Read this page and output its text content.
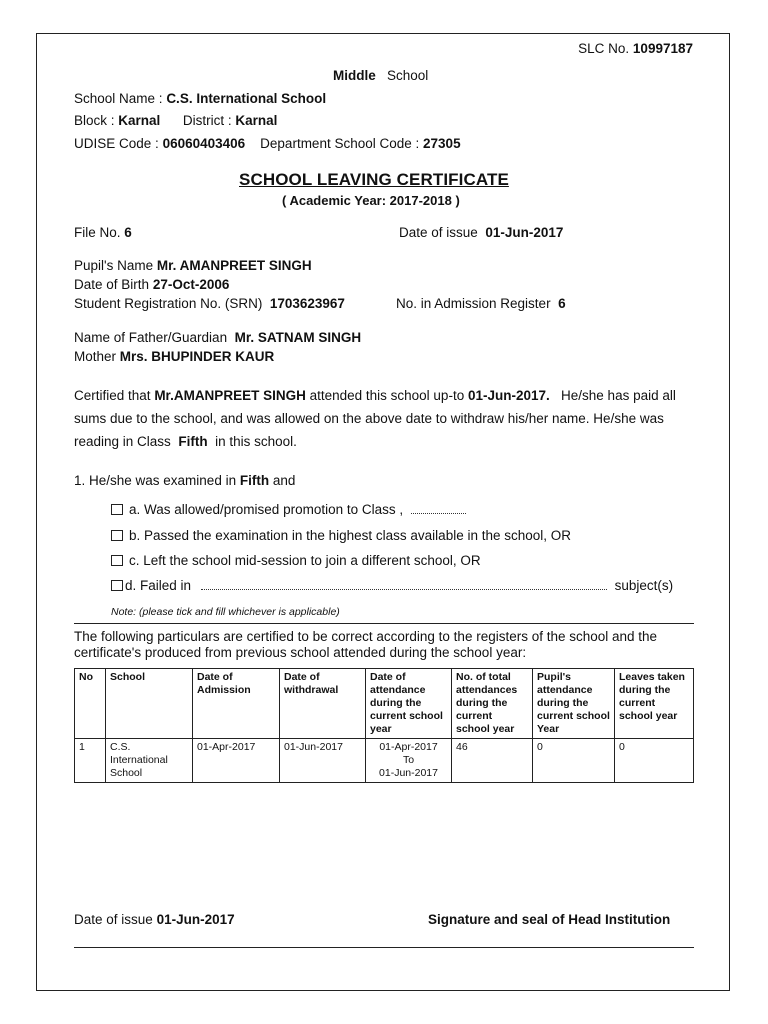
SLC No. 10997187
Middle School
School Name : C.S. International School
Block : Karnal District : Karnal
UDISE Code : 06060403406 Department School Code : 27305
SCHOOL LEAVING CERTIFICATE
( Academic Year: 2017-2018 )
File No. 6	Date of issue 01-Jun-2017
Pupil's Name Mr. AMANPREET SINGH
Date of Birth 27-Oct-2006
Student Registration No. (SRN) 1703623967	No. in Admission Register 6
Name of Father/Guardian Mr. SATNAM SINGH
Mother Mrs. BHUPINDER KAUR
Certified that Mr.AMANPREET SINGH attended this school up-to 01-Jun-2017. He/she has paid all sums due to the school, and was allowed on the above date to withdraw his/her name. He/she was reading in Class Fifth in this school.
1. He/she was examined in Fifth and
a. Was allowed/promised promotion to Class ,
b. Passed the examination in the highest class available in the school, OR
c. Left the school mid-session to join a different school, OR
d. Failed in	subject(s)
Note: (please tick and fill whichever is applicable)
The following particulars are certified to be correct according to the registers of the school and the certificate's produced from previous school attended during the school year:
No	School	Date of Admission	Date of withdrawal	Date of attendance during the current school year	No. of total attendances during the current school year	Pupil's attendance during the current school Year	Leaves taken during the current school year
1	C.S. International School	01-Apr-2017	01-Jun-2017	01-Apr-2017
To
01-Jun-2017	46	0	0
Date of issue 01-Jun-2017	Signature and seal of Head Institution
